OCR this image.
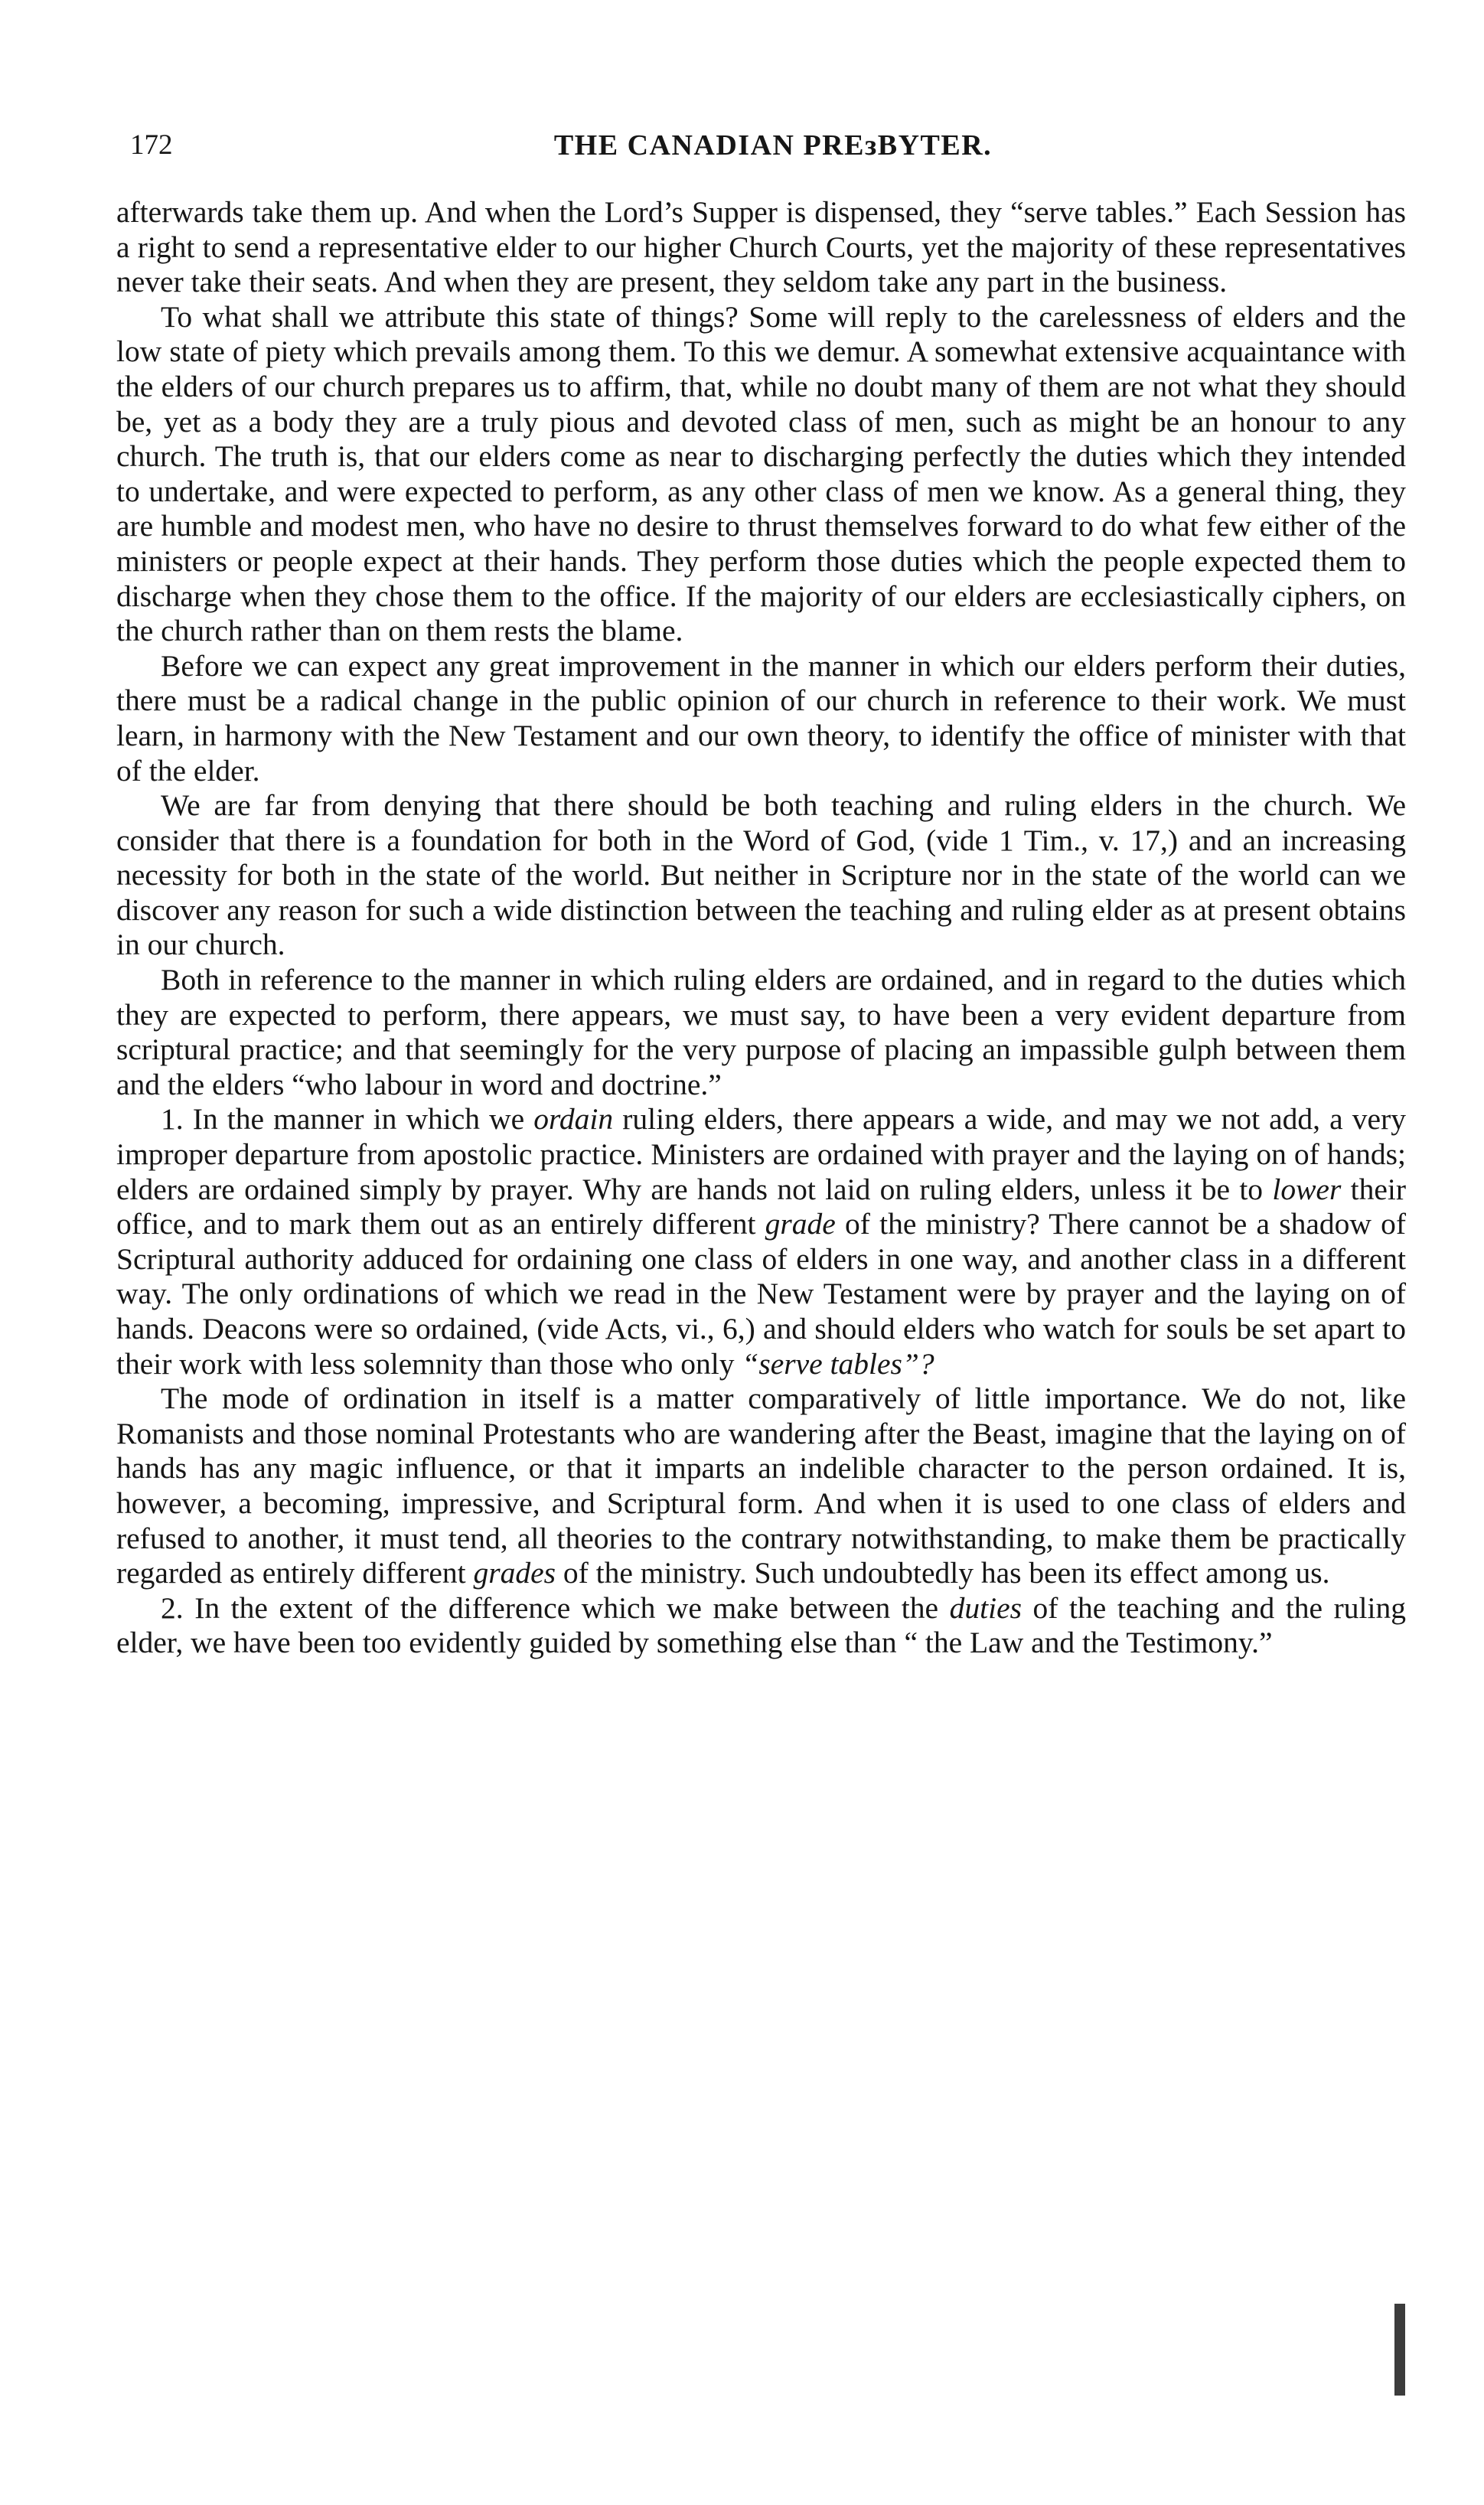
172	THE CANADIAN PREзBYTER.

afterwards take them up. And when the Lord’s Supper is dispensed, they “serve tables.” Each Session has a right to send a representative elder to our higher Church Courts, yet the majority of these representatives never take their seats. And when they are present, they seldom take any part in the business.

To what shall we attribute this state of things? Some will reply to the carelessness of elders and the low state of piety which prevails among them. To this we demur. A somewhat extensive acquaintance with the elders of our church prepares us to affirm, that, while no doubt many of them are not what they should be, yet as a body they are a truly pious and devoted class of men, such as might be an honour to any church. The truth is, that our elders come as near to discharging perfectly the duties which they intended to undertake, and were expected to perform, as any other class of men we know. As a general thing, they are humble and modest men, who have no desire to thrust themselves forward to do what few either of the ministers or people expect at their hands. They perform those duties which the people expected them to discharge when they chose them to the office. If the majority of our elders are ecclesiastically ciphers, on the church rather than on them rests the blame.

Before we can expect any great improvement in the manner in which our elders perform their duties, there must be a radical change in the public opinion of our church in reference to their work. We must learn, in harmony with the New Testament and our own theory, to identify the office of minister with that of the elder.

We are far from denying that there should be both teaching and ruling elders in the church. We consider that there is a foundation for both in the Word of God, (vide 1 Tim., v. 17,) and an increasing necessity for both in the state of the world. But neither in Scripture nor in the state of the world can we discover any reason for such a wide distinction between the teaching and ruling elder as at present obtains in our church.

Both in reference to the manner in which ruling elders are ordained, and in regard to the duties which they are expected to perform, there appears, we must say, to have been a very evident departure from scriptural practice; and that seemingly for the very purpose of placing an impassible gulph between them and the elders “who labour in word and doctrine.”

1. In the manner in which we ordain ruling elders, there appears a wide, and may we not add, a very improper departure from apostolic practice. Ministers are ordained with prayer and the laying on of hands; elders are ordained simply by prayer. Why are hands not laid on ruling elders, unless it be to lower their office, and to mark them out as an entirely different grade of the ministry? There cannot be a shadow of Scriptural authority adduced for ordaining one class of elders in one way, and another class in a different way. The only ordinations of which we read in the New Testament were by prayer and the laying on of hands. Deacons were so ordained, (vide Acts, vi., 6,) and should elders who watch for souls be set apart to their work with less solemnity than those who only “serve tables”?

The mode of ordination in itself is a matter comparatively of little importance. We do not, like Romanists and those nominal Protestants who are wandering after the Beast, imagine that the laying on of hands has any magic influence, or that it imparts an indelible character to the person ordained. It is, however, a becoming, impressive, and Scriptural form. And when it is used to one class of elders and refused to another, it must tend, all theories to the contrary notwithstanding, to make them be practically regarded as entirely different grades of the ministry. Such undoubtedly has been its effect among us.

2. In the extent of the difference which we make between the duties of the teaching and the ruling elder, we have been too evidently guided by something else than “ the Law and the Testimony.”
